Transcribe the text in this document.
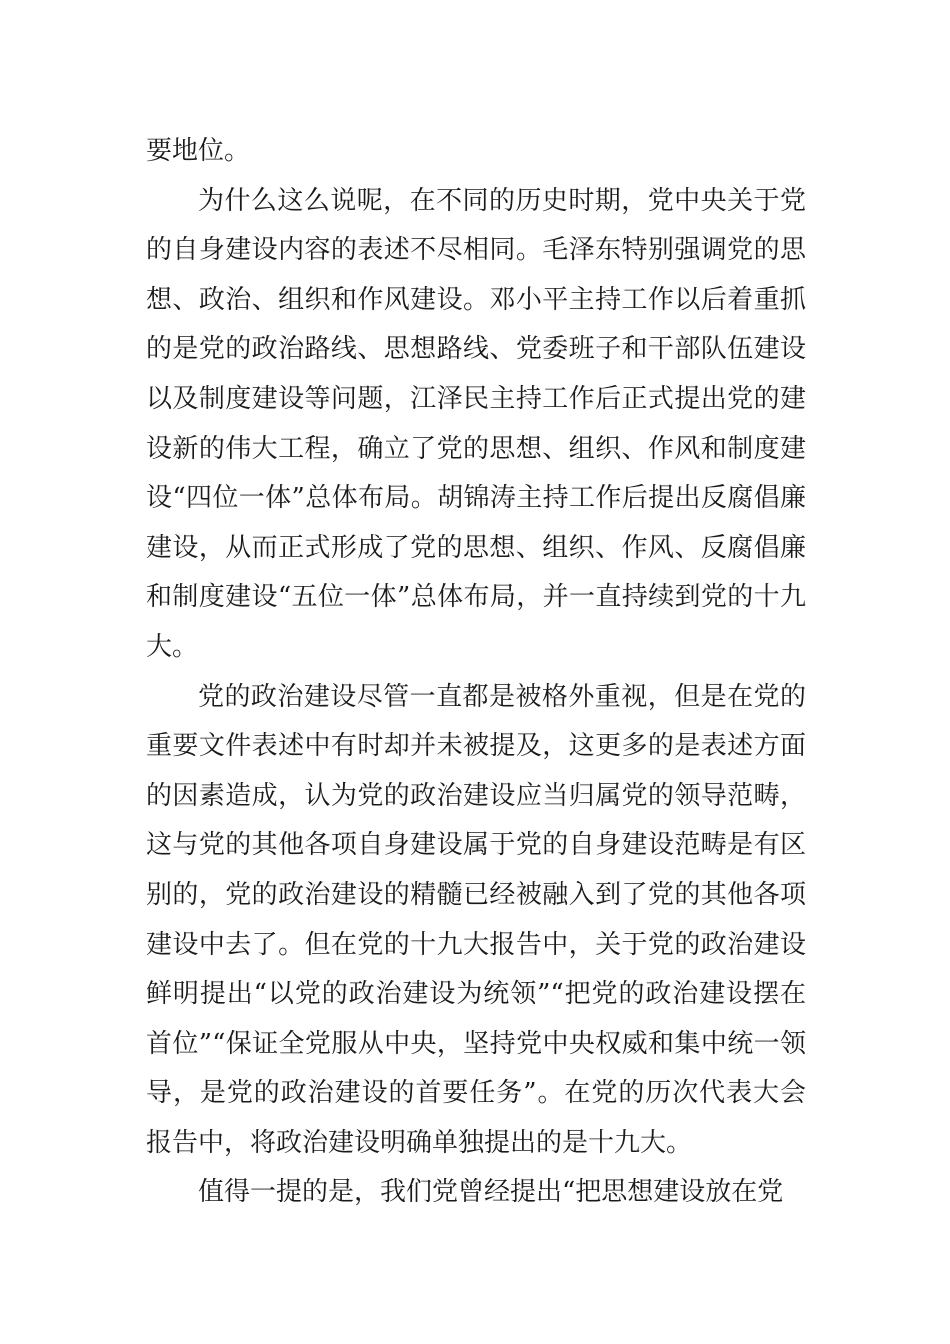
要地位。

为什么这么说呢，在不同的历史时期，党中央关于党的自身建设内容的表述不尽相同。毛泽东特别强调党的思想、政治、组织和作风建设。邓小平主持工作以后着重抓的是党的政治路线、思想路线、党委班子和干部队伍建设以及制度建设等问题，江泽民主持工作后正式提出党的建设新的伟大工程，确立了党的思想、组织、作风和制度建设“四位一体”总体布局。胡锦涛主持工作后提出反腐倡廉建设，从而正式形成了党的思想、组织、作风、反腐倡廉和制度建设“五位一体”总体布局，并一直持续到党的十九大。

党的政治建设尽管一直都是被格外重视，但是在党的重要文件表述中有时却并未被提及，这更多的是表述方面的因素造成，认为党的政治建设应当归属党的领导范畴，这与党的其他各项自身建设属于党的自身建设范畴是有区别的，党的政治建设的精髓已经被融入到了党的其他各项建设中去了。但在党的十九大报告中，关于党的政治建设鲜明提出“以党的政治建设为统领”“把党的政治建设摆在首位”“保证全党服从中央，坚持党中央权威和集中统一领导，是党的政治建设的首要任务”。在党的历次代表大会报告中，将政治建设明确单独提出的是十九大。

值得一提的是，我们党曾经提出“把思想建设放在党
